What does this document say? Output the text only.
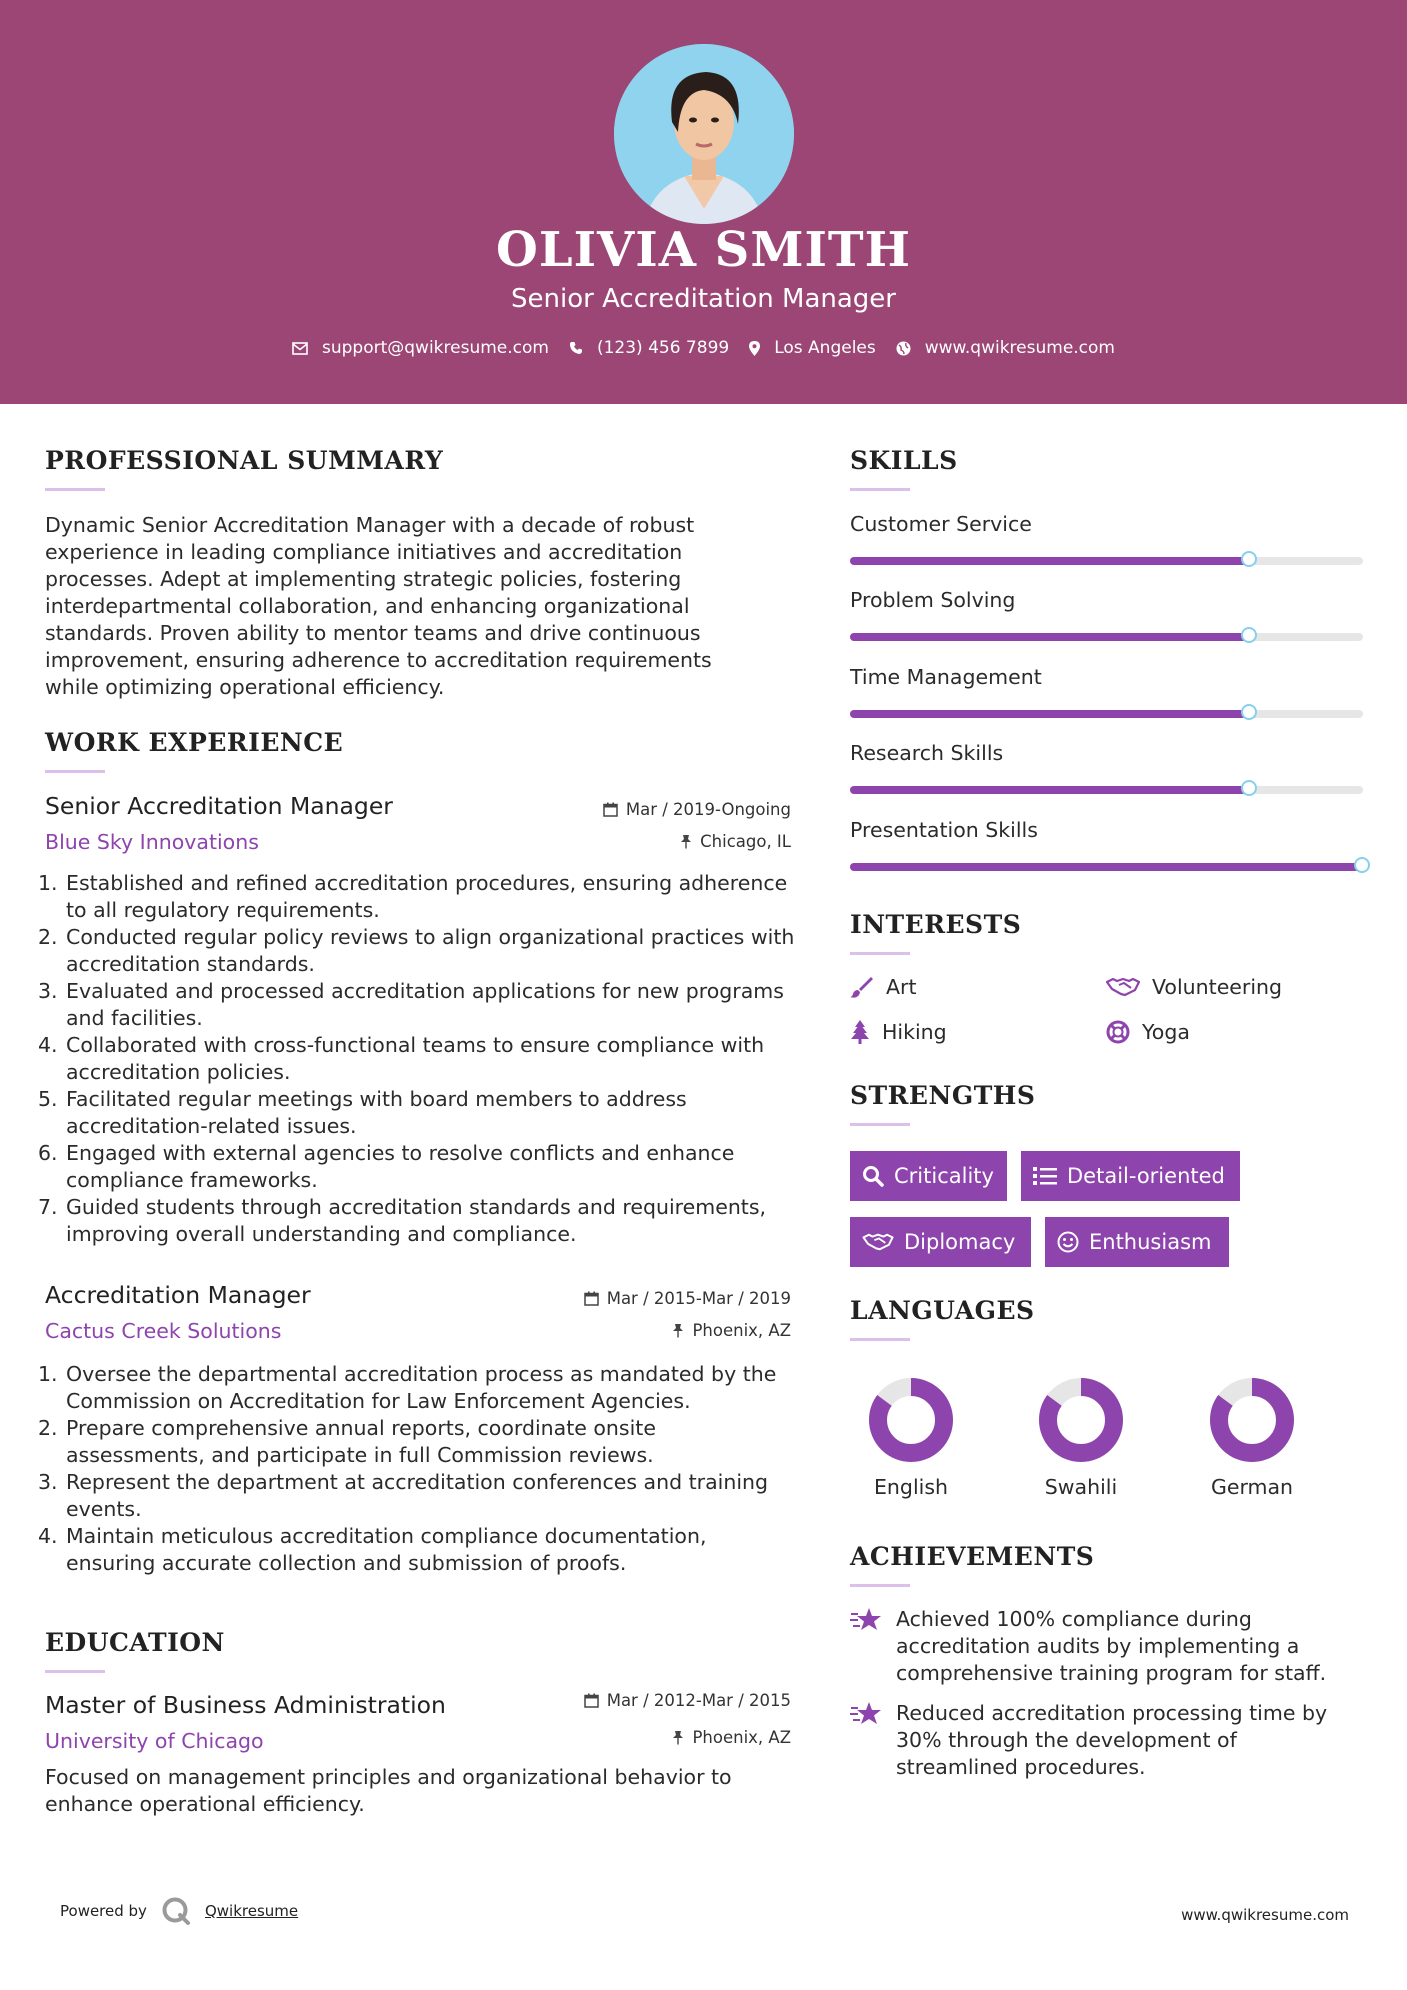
OLIVIA SMITH
Senior Accreditation Manager
support@qwikresume.com	(123) 456 7899	Los Angeles	www.qwikresume.com
PROFESSIONAL SUMMARY
Dynamic Senior Accreditation Manager with a decade of robust experience in leading compliance initiatives and accreditation processes. Adept at implementing strategic policies, fostering interdepartmental collaboration, and enhancing organizational standards. Proven ability to mentor teams and drive continuous improvement, ensuring adherence to accreditation requirements while optimizing operational efficiency.
WORK EXPERIENCE
Senior Accreditation Manager
Blue Sky Innovations
Mar / 2019-Ongoing
Chicago, IL
1. Established and refined accreditation procedures, ensuring adherence to all regulatory requirements.
2. Conducted regular policy reviews to align organizational practices with accreditation standards.
3. Evaluated and processed accreditation applications for new programs and facilities.
4. Collaborated with cross-functional teams to ensure compliance with accreditation policies.
5. Facilitated regular meetings with board members to address accreditation-related issues.
6. Engaged with external agencies to resolve conflicts and enhance compliance frameworks.
7. Guided students through accreditation standards and requirements, improving overall understanding and compliance.
Accreditation Manager
Cactus Creek Solutions
Mar / 2015-Mar / 2019
Phoenix, AZ
1. Oversee the departmental accreditation process as mandated by the Commission on Accreditation for Law Enforcement Agencies.
2. Prepare comprehensive annual reports, coordinate onsite assessments, and participate in full Commission reviews.
3. Represent the department at accreditation conferences and training events.
4. Maintain meticulous accreditation compliance documentation, ensuring accurate collection and submission of proofs.
EDUCATION
Master of Business Administration
University of Chicago
Mar / 2012-Mar / 2015
Phoenix, AZ
Focused on management principles and organizational behavior to enhance operational efficiency.
SKILLS
Customer Service
Problem Solving
Time Management
Research Skills
Presentation Skills
INTERESTS
Art	Volunteering
Hiking	Yoga
STRENGTHS
Criticality	Detail-oriented
Diplomacy	Enthusiasm
LANGUAGES
English	Swahili	German
ACHIEVEMENTS
Achieved 100% compliance during accreditation audits by implementing a comprehensive training program for staff.
Reduced accreditation processing time by 30% through the development of streamlined procedures.
Powered by	Qwikresume	www.qwikresume.com
